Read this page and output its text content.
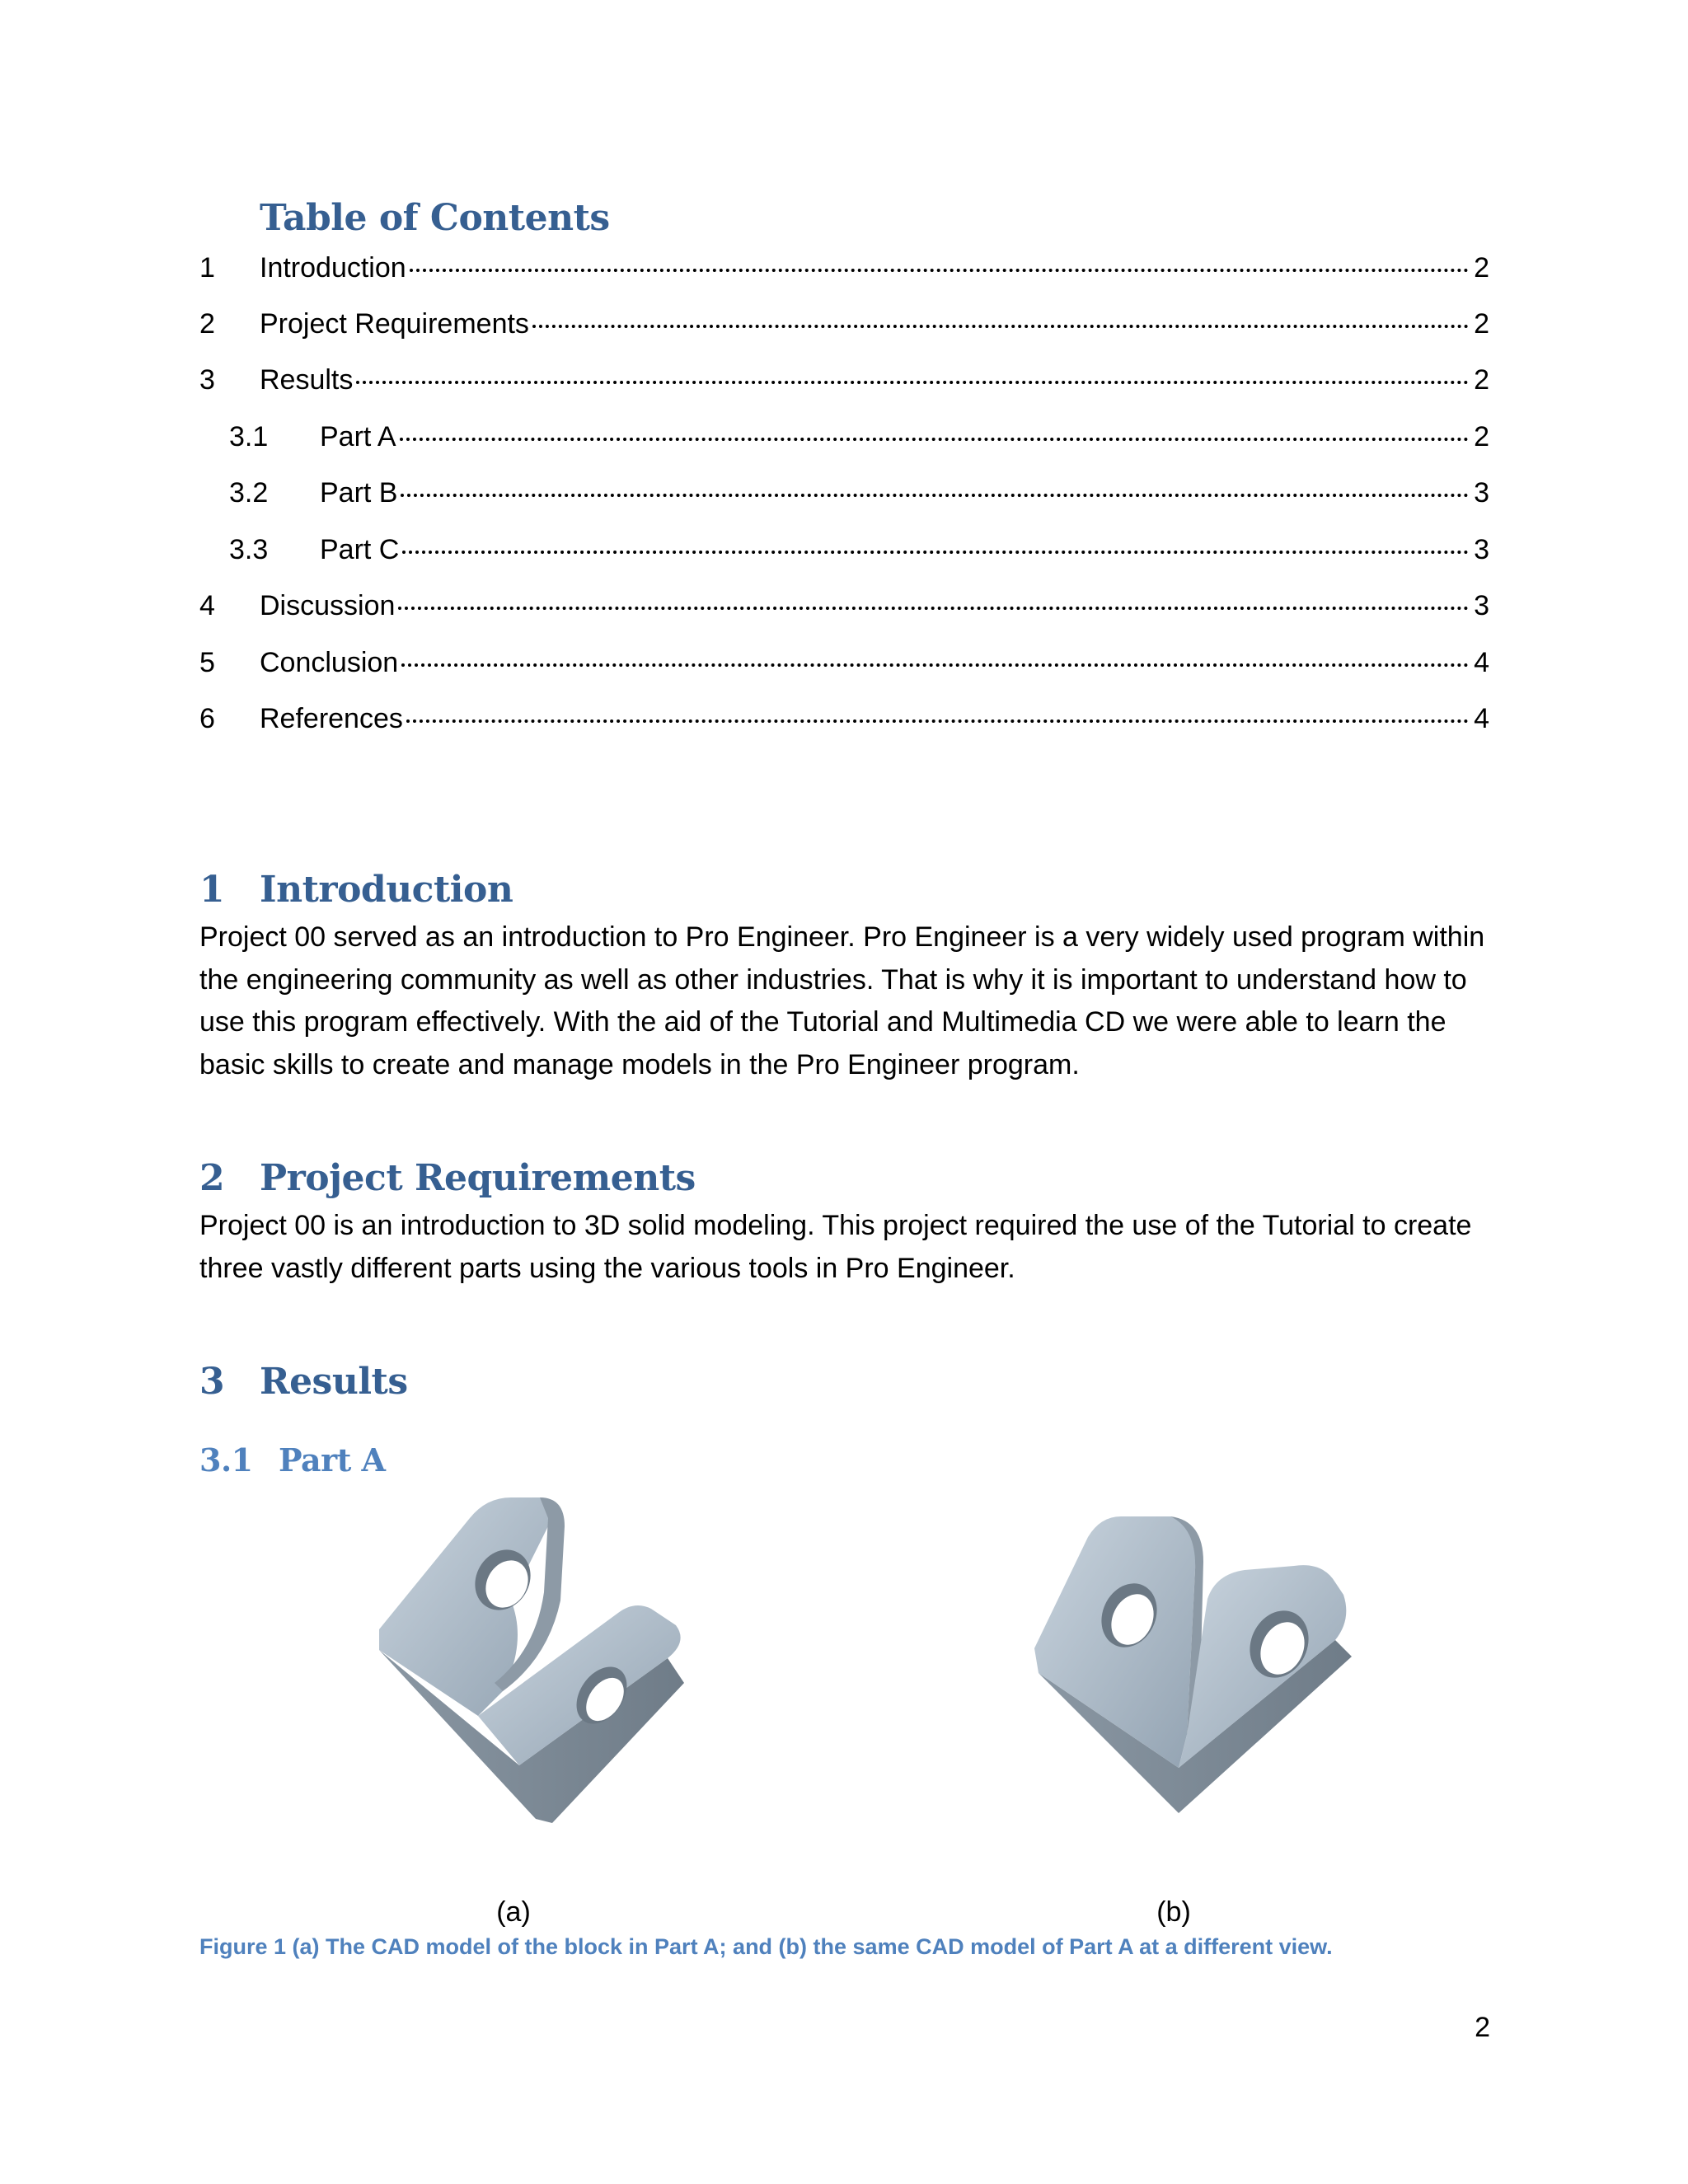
Table of Contents
1 Introduction	2
2 Project Requirements	2
3 Results	2
3.1 Part A	2
3.2 Part B	3
3.3 Part C	3
4 Discussion	3
5 Conclusion	4
6 References	4
1 Introduction

Project 00 served as an introduction to Pro Engineer. Pro Engineer is a very widely used program within the engineering community as well as other industries. That is why it is important to understand how to use this program effectively. With the aid of the Tutorial and Multimedia CD we were able to learn the basic skills to create and manage models in the Pro Engineer program.

2 Project Requirements

Project 00 is an introduction to 3D solid modeling. This project required the use of the Tutorial to create three vastly different parts using the various tools in Pro Engineer.

3 Results
3.1 Part A
(a)	(b)

Figure 1 (a) The CAD model of the block in Part A; and (b) the same CAD model of Part A at a different view.

2
